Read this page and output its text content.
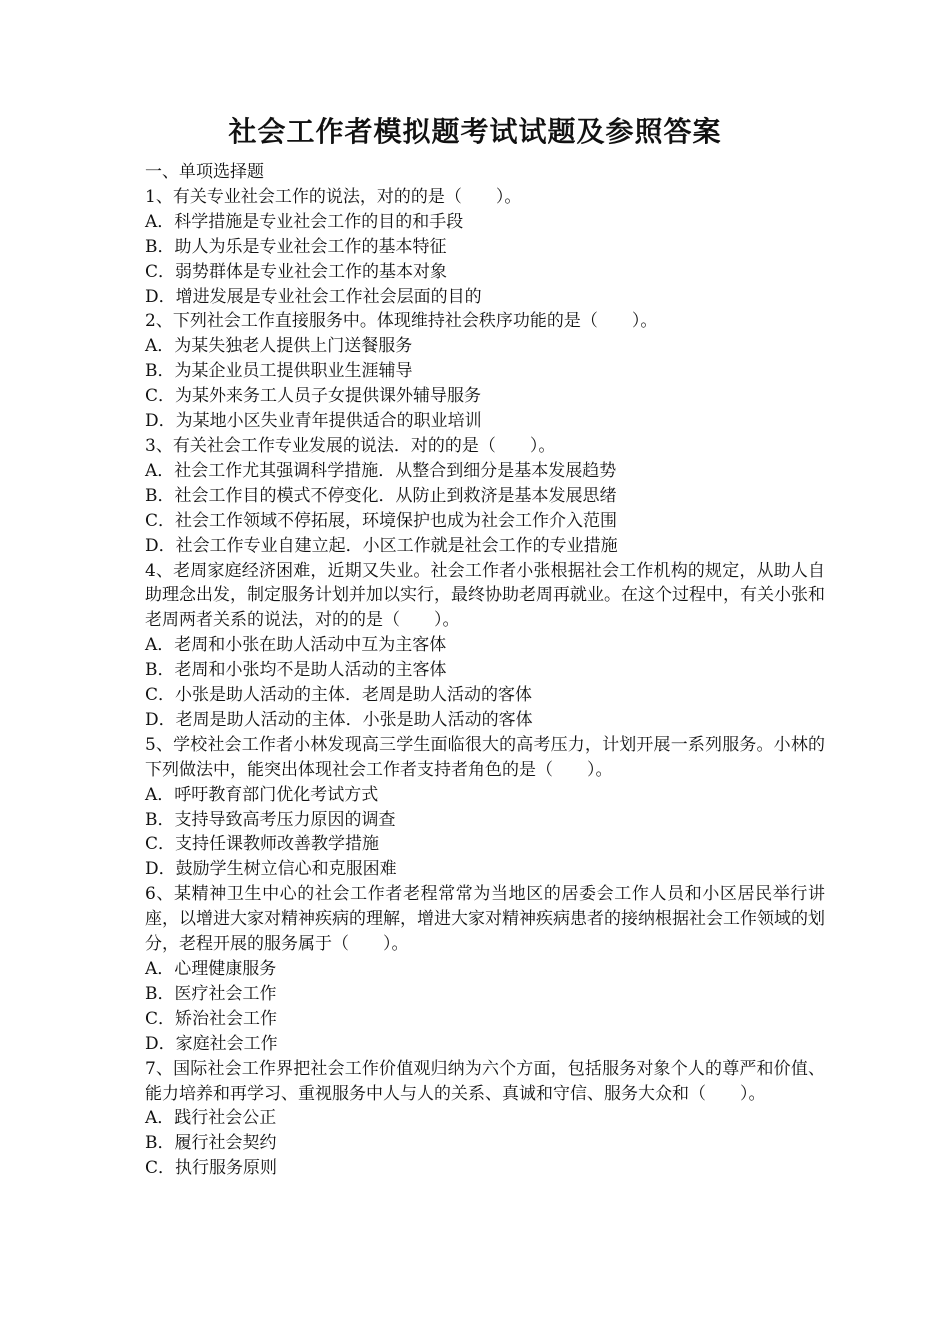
社会工作者模拟题考试试题及参照答案

一、单项选择题

1、有关专业社会工作的说法，对的的是（　　）。

A．科学措施是专业社会工作的目的和手段

B．助人为乐是专业社会工作的基本特征

C．弱势群体是专业社会工作的基本对象

D．增进发展是专业社会工作社会层面的目的

2、下列社会工作直接服务中。体现维持社会秩序功能的是（　　）。

A．为某失独老人提供上门送餐服务

B．为某企业员工提供职业生涯辅导

C．为某外来务工人员子女提供课外辅导服务

D．为某地小区失业青年提供适合的职业培训

3、有关社会工作专业发展的说法．对的的是（　　）。

A．社会工作尤其强调科学措施．从整合到细分是基本发展趋势

B．社会工作目的模式不停变化．从防止到救济是基本发展思绪

C．社会工作领域不停拓展，环境保护也成为社会工作介入范围

D．社会工作专业自建立起．小区工作就是社会工作的专业措施

4、老周家庭经济困难，近期又失业。社会工作者小张根据社会工作机构的规定，从助人自助理念出发，制定服务计划并加以实行，最终协助老周再就业。在这个过程中，有关小张和老周两者关系的说法，对的的是（　　）。

A．老周和小张在助人活动中互为主客体

B．老周和小张均不是助人活动的主客体

C．小张是助人活动的主体．老周是助人活动的客体

D．老周是助人活动的主体．小张是助人活动的客体

5、学校社会工作者小林发现高三学生面临很大的高考压力，计划开展一系列服务。小林的下列做法中，能突出体现社会工作者支持者角色的是（　　）。

A．呼吁教育部门优化考试方式

B．支持导致高考压力原因的调查

C．支持任课教师改善教学措施

D．鼓励学生树立信心和克服困难

6、某精神卫生中心的社会工作者老程常常为当地区的居委会工作人员和小区居民举行讲座，以增进大家对精神疾病的理解，增进大家对精神疾病患者的接纳根据社会工作领域的划分，老程开展的服务属于（　　）。

A．心理健康服务

B．医疗社会工作

C．矫治社会工作

D．家庭社会工作

7、国际社会工作界把社会工作价值观归纳为六个方面，包括服务对象个人的尊严和价值、能力培养和再学习、重视服务中人与人的关系、真诚和守信、服务大众和（　　）。

A．践行社会公正

B．履行社会契约

C．执行服务原则
